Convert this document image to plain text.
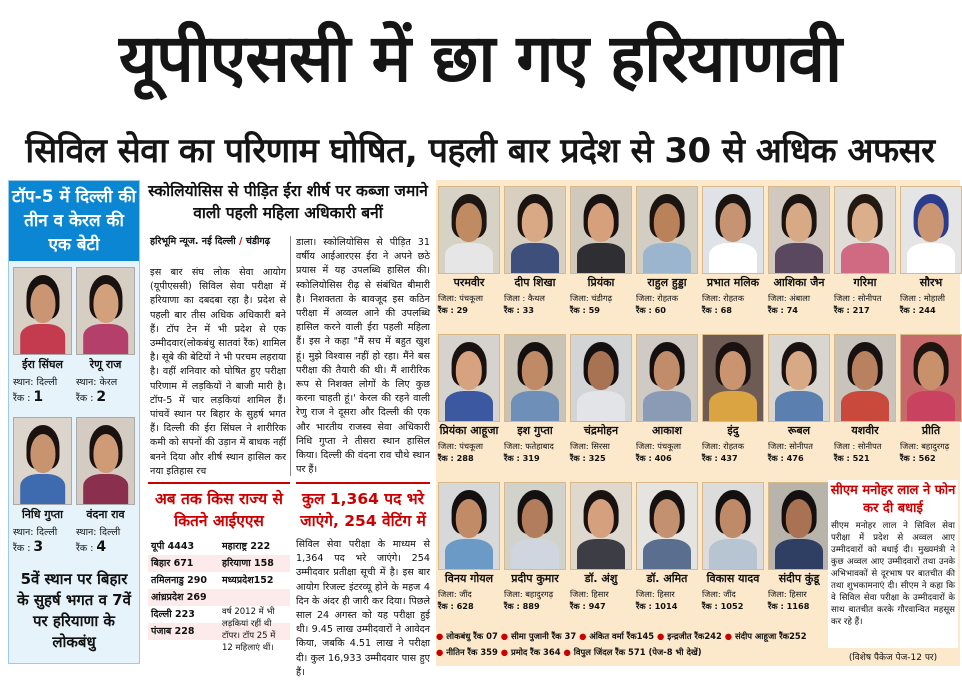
यूपीएससी में छा गए हरियाणवी
सिविल सेवा का परिणाम घोषित, पहली बार प्रदेश से 30 से अधिक अफसर
टॉप-5 में दिल्ली की तीन व केरल की एक बेटी
ईरा सिंघल
स्थान: दिल्ली
रैंक : 1
रेणू राज
स्थान: केरल
रैंक : 2
निधि गुप्ता
स्थान: दिल्ली
रैंक : 3
वंदना राव
स्थान: दिल्ली
रैंक : 4
5वें स्थान पर बिहार के सुहर्ष भगत व 7वें पर हरियाणा के लोकबंधु
स्कोलियोसिस से पीड़ित ईरा शीर्ष पर कब्जा जमाने वाली पहली महिला अधिकारी बनीं
हरिभूमि न्यूज. नई दिल्ली / चंडीगढ़
इस बार संघ लोक सेवा आयोग (यूपीएससी) सिविल सेवा परीक्षा में हरियाणा का दबदबा रहा है। प्रदेश से पहली बार तीस अधिक अधिकारी बने हैं। टॉप टेन में भी प्रदेश से एक उम्मीदवार(लोकबंधु सातवां रैंक) शामिल है। सूबे की बेटियों ने भी परचम लहराया है। वहीं शनिवार को घोषित हुए परीक्षा परिणाम में लड़कियों ने बाजी मारी है। टॉप-5 में चार लड़कियां शामिल हैं। पांचवें स्थान पर बिहार के सुहर्ष भगत हैं। दिल्ली की ईरा सिंघल ने शारीरिक कमी को सपनों की उड़ान में बाधक नहीं बनने दिया और शीर्ष स्थान हासिल कर नया इतिहास रच
डाला। स्कोलियोसिस से पीड़ित 31 वर्षीय आईआरएस ईरा ने अपने छठे प्रयास में यह उपलब्धि हासिल की। स्कोलियोसिस रीढ़ से संबंधित बीमारी है। निशक्तता के बावजूद इस कठिन परीक्षा में अव्वल आने की उपलब्धि हासिल करने वाली ईरा पहली महिला हैं। इस ने कहा "मैं सच में बहुत खुश हूं। मुझे विश्वास नहीं हो रहा। मैंने बस परीक्षा की तैयारी की थी। मैं शारीरिक रूप से निशक्त लोगों के लिए कुछ करना चाहती हूं।' केरल की रहने वाली रेणु राज ने दूसरा और दिल्ली की एक और भारतीय राजस्व सेवा अधिकारी निधि गुप्ता ने तीसरा स्थान हासिल किया। दिल्ली की वंदना राव चौथे स्थान पर हैं।
अब तक किस राज्य से कितने आईएएस
यूपी 4443	महाराष्ट्र 222
बिहार 671	हरियाणा 158
तमिलनाडु 290	मध्यप्रदेश152
आंध्रप्रदेश 269
दिल्ली 223
पंजाब 228
वर्ष 2012 में भी लड़कियां रहीं थी टॉपर। टॉप 25 में 12 महिलाएं थीं।
कुल 1,364 पद भरे जाएंगे, 254 वेटिंग में
सिविल सेवा परीक्षा के माध्यम से 1,364 पद भरे जाएंगे। 254 उम्मीदवार प्रतीक्षा सूची में है। इस बार आयोग रिजल्ट इंटरव्यू होने के महज 4 दिन के अंदर ही जारी कर दिया। पिछले साल 24 अगस्त को यह परीक्षा हुई थी। 9.45 लाख उम्मीदवारों ने आवेदन किया, जबकि 4.51 लाख ने परीक्षा दी। कुल 16,933 उम्मीदवार पास हुए हैं।
परमवीर
जिला: पंचकूला
रैंक : 29
दीप शिखा
जिला : कैथल
रैंक : 33
प्रियंका
जिला: चंडीगढ़
रैंक : 59
राहुल हुड्डा
जिला: रोहतक
रैंक : 60
प्रभात मलिक
जिला: रोहतक
रैंक : 68
आशिका जैन
जिला: अंबाला
रैंक : 74
गरिमा
जिला : सोनीपत
रैंक : 217
सौरभ
जिला : मोहाली
रैंक : 244
प्रियंका आहूजा
जिला: पंचकूला
रैंक : 288
इश गुप्ता
जिला: फतेहाबाद
रैंक : 319
चंद्रमोहन
जिला: सिरसा
रैंक : 325
आकाश
जिला: पंचकूला
रैंक : 406
इंदु
जिला: रोहतक
रैंक : 437
रूबल
जिला: सोनीपत
रैंक : 476
यशवीर
जिला : सोनीपत
रैंक : 521
प्रीति
जिला: बहादुरगढ़
रैंक : 562
विनय गोयल
जिला: जींद
रैंक : 628
प्रदीप कुमार
जिला: बहादुरगढ़
रैंक : 889
डॉ. अंशु
जिला: हिसार
रैंक : 947
डॉ. अमित
जिला: हिसार
रैंक : 1014
विकास यादव
जिला: जींद
रैंक : 1052
संदीप कुंडू
जिला: हिसार
रैंक : 1168
सीएम मनोहर लाल ने फोन कर दी बधाई
सीएम मनोहर लाल ने सिविल सेवा परीक्षा में प्रदेश से अव्वल आए उम्मीदवारों को बधाई दी। मुख्यमंत्री ने कुछ अव्वल आए उम्मीदवारों तथा उनके अभिभावकों से दूरभाष पर बातचीत की तथा शुभकामनाएं दी। सीएम ने कहा कि वे सिविल सेवा परीक्षा के उम्मीदवारों के साथ बातचीत करके गौरवान्वित महसूस कर रहे हैं।
(विशेष पैकेज पेज-12 पर)
● लोकबंधु रैंक 07 ● सीमा पुजानी रैंक 37 ● अंकित वर्मा रैंक145 ● इन्द्रजीत रैंक242 ● संदीप आहूजा रैंक252
● नीतिन रैंक 359 ● प्रमोद रैंक 364 ● विपुल जिंदल रैंक 571 (पेज-8 भी देखें)
